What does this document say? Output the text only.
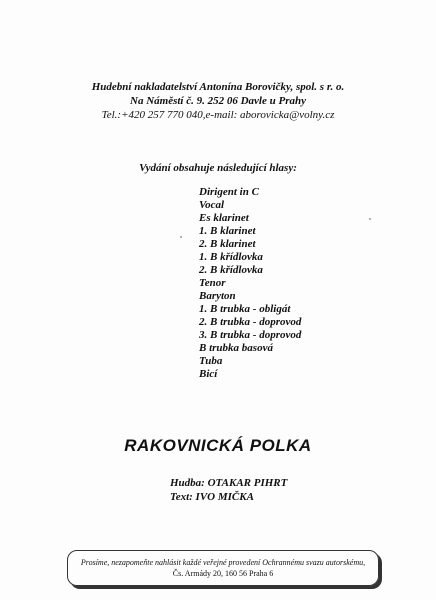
Hudební nakladatelství Antonína Borovičky, spol. s r. o.
Na Náměstí č. 9. 252 06 Davle u Prahy
Tel.:+420 257 770 040,e-mail: aborovicka@volny.cz
Vydání obsahuje následující hlasy:
Dirigent in C
Vocal
Es klarinet
1. B klarinet
2. B klarinet
1. B křídlovka
2. B křídlovka
Tenor
Baryton
1. B trubka - obligát
2. B trubka - doprovod
3. B trubka - doprovod
B trubka basová
Tuba
Bicí
RAKOVNICKÁ POLKA
Hudba: OTAKAR PIHRT
Text: IVO MIČKA
Prosíme, nezapomeňte nahlásit každé veřejné provedení Ochrannému svazu autorskému,
Čs. Armády 20, 160 56 Praha 6
